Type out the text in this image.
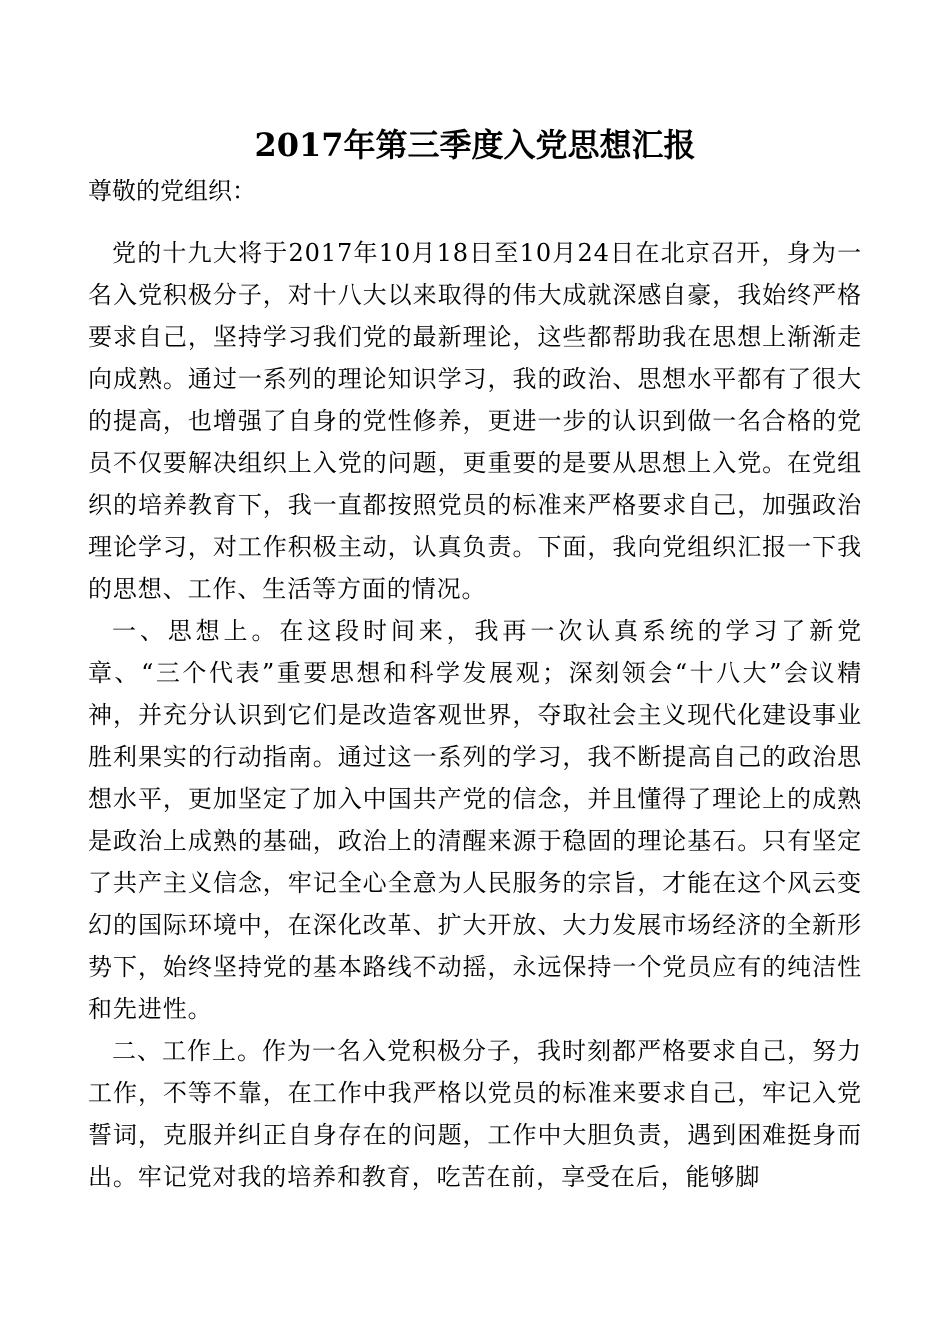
2017年第三季度入党思想汇报

尊敬的党组织：

党的十九大将于2017年10月18日至10月24日在北京召开，身为一名入党积极分子，对十八大以来取得的伟大成就深感自豪，我始终严格要求自己，坚持学习我们党的最新理论，这些都帮助我在思想上渐渐走向成熟。通过一系列的理论知识学习，我的政治、思想水平都有了很大的提高，也增强了自身的党性修养，更进一步的认识到做一名合格的党员不仅要解决组织上入党的问题，更重要的是要从思想上入党。在党组织的培养教育下，我一直都按照党员的标准来严格要求自己，加强政治理论学习，对工作积极主动，认真负责。下面，我向党组织汇报一下我的思想、工作、生活等方面的情况。

一、思想上。在这段时间来，我再一次认真系统的学习了新党章、“三个代表”重要思想和科学发展观；深刻领会“十八大”会议精神，并充分认识到它们是改造客观世界，夺取社会主义现代化建设事业胜利果实的行动指南。通过这一系列的学习，我不断提高自己的政治思想水平，更加坚定了加入中国共产党的信念，并且懂得了理论上的成熟是政治上成熟的基础，政治上的清醒来源于稳固的理论基石。只有坚定了共产主义信念，牢记全心全意为人民服务的宗旨，才能在这个风云变幻的国际环境中，在深化改革、扩大开放、大力发展市场经济的全新形势下，始终坚持党的基本路线不动摇，永远保持一个党员应有的纯洁性和先进性。

二、工作上。作为一名入党积极分子，我时刻都严格要求自己，努力工作，不等不靠，在工作中我严格以党员的标准来要求自己，牢记入党誓词，克服并纠正自身存在的问题，工作中大胆负责，遇到困难挺身而出。牢记党对我的培养和教育，吃苦在前，享受在后，能够脚
